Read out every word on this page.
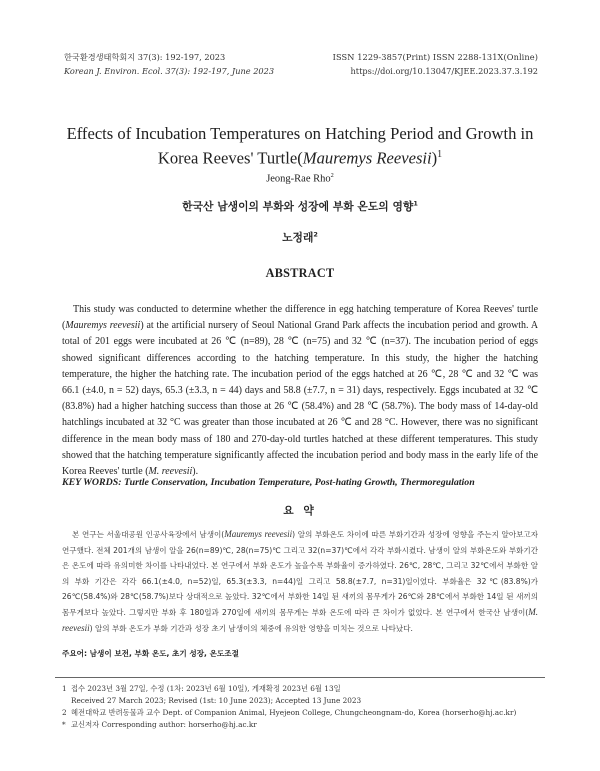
한국환경생태학회지 37(3): 192-197, 2023
Korean J. Environ. Ecol. 37(3): 192-197, June 2023
ISSN 1229-3857(Print) ISSN 2288-131X(Online)
https://doi.org/10.13047/KJEE.2023.37.3.192
Effects of Incubation Temperatures on Hatching Period and Growth in
Korea Reeves' Turtle(Mauremys Reevesii)$^1$
Jeong-Rae Rho$^2$
한국산 남생이의 부화와 성장에 부화 온도의 영향$^1$
노정래$^2$
ABSTRACT

This study was conducted to determine whether the difference in egg hatching temperature of Korea Reeves' turtle (Mauremys reevesii) at the artificial nursery of Seoul National Grand Park affects the incubation period and growth. A total of 201 eggs were incubated at 26 ℃ (n=89), 28 ℃ (n=75) and 32 ℃ (n=37). The incubation period of eggs showed significant differences according to the hatching temperature. In this study, the higher the hatching temperature, the higher the hatching rate. The incubation period of the eggs hatched at 26 ℃, 28 ℃ and 32 ℃ was 66.1 (±4.0, n = 52) days, 65.3 (±3.3, n = 44) days and 58.8 (±7.7, n = 31) days, respectively. Eggs incubated at 32 ℃ (83.8%) had a higher hatching success than those at 26 ℃ (58.4%) and 28 ℃ (58.7%). The body mass of 14-day-old hatchlings incubated at 32 °C was greater than those incubated at 26 ℃ and 28 °C. However, there was no significant difference in the mean body mass of 180 and 270-day-old turtles hatched at these different temperatures. This study showed that the hatching temperature significantly affected the incubation period and body mass in the early life of the Korea Reeves' turtle (M. reevesii).

KEY WORDS: Turtle Conservation, Incubation Temperature, Post-hating Growth, Thermoregulation
요 약

본 연구는 서울대공원 인공사육장에서 남생이(Mauremys reevesii) 알의 부화온도 차이에 따른 부화기간과 성장에 영향을 주는지 알아보고자 연구했다. 전체 201개의 남생이 알을 26(n=89)℃, 28(n=75)℃ 그리고 32(n=37)℃에서 각각 부화시켰다. 남생이 알의 부화온도와 부화기간은 온도에 따라 유의미한 차이를 나타내었다. 본 연구에서 부화 온도가 높을수록 부화율이 증가하였다. 26℃, 28℃, 그리고 32℃에서 부화한 알의 부화 기간은 각각 66.1(±4.0, n=52)일, 65.3(±3.3, n=44)일 그리고 58.8(±7.7, n=31)일이었다. 부화율은 32℃(83.8%)가 26℃(58.4%)와 28℃(58.7%)보다 상대적으로 높았다. 32℃에서 부화한 14일 된 새끼의 몸무게가 26℃와 28℃에서 부화한 14일 된 새끼의 몸무게보다 높았다. 그렇지만 부화 후 180일과 270일에 새끼의 몸무게는 부화 온도에 따라 큰 차이가 없었다. 본 연구에서 한국산 남생이(M. reevesii) 알의 부화 온도가 부화 기간과 성장 초기 남생이의 체중에 유의한 영향을 미치는 것으로 나타났다.

주요어: 남생이 보전, 부화 온도, 초기 성장, 온도조절
1 접수 2023년 3월 27일, 수정 (1차: 2023년 6월 10일), 게재확정 2023년 6월 13일
Received 27 March 2023; Revised (1st: 10 June 2023); Accepted 13 June 2023
2 혜전대학교 반려동물과 교수 Dept. of Companion Animal, Hyejeon College, Chungcheongnam-do, Korea (horserho@hj.ac.kr)
* 교신저자 Corresponding author: horserho@hj.ac.kr
